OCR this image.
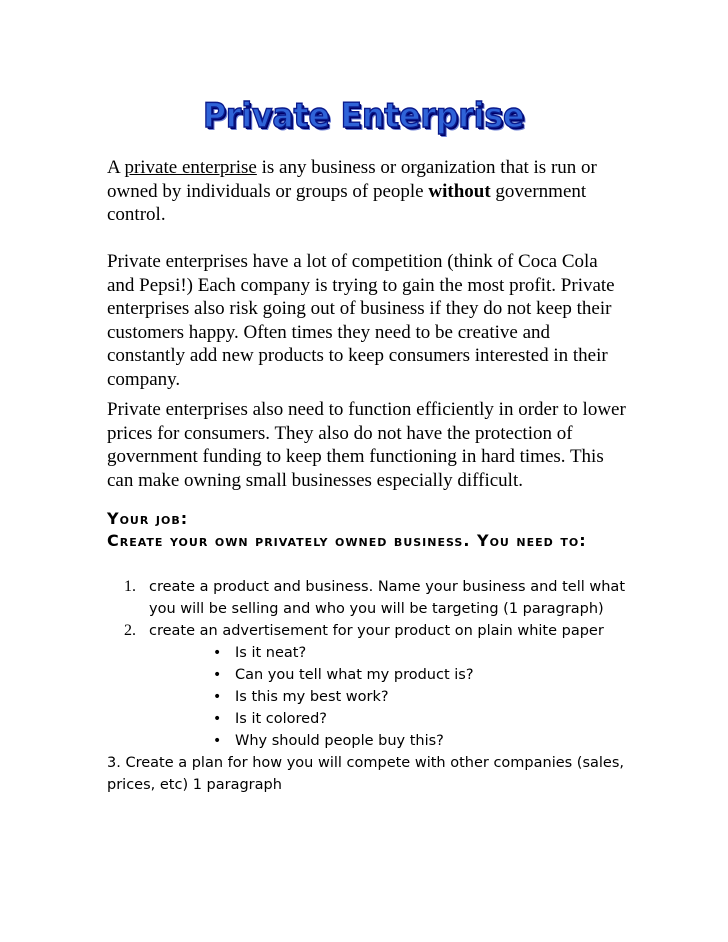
Private Enterprise

A private enterprise is any business or organization that is run or owned by individuals or groups of people without government control.

Private enterprises have a lot of competition (think of Coca Cola and Pepsi!) Each company is trying to gain the most profit. Private enterprises also risk going out of business if they do not keep their customers happy. Often times they need to be creative and constantly add new products to keep consumers interested in their company.

Private enterprises also need to function efficiently in order to lower prices for consumers. They also do not have the protection of government funding to keep them functioning in hard times. This can make owning small businesses especially difficult.

Your job:
Create your own privately owned business. You need to:
1. create a product and business. Name your business and tell what you will be selling and who you will be targeting (1 paragraph)
2. create an advertisement for your product on plain white paper
• Is it neat?
• Can you tell what my product is?
• Is this my best work?
• Is it colored?
• Why should people buy this?
3. Create a plan for how you will compete with other companies (sales, prices, etc) 1 paragraph
